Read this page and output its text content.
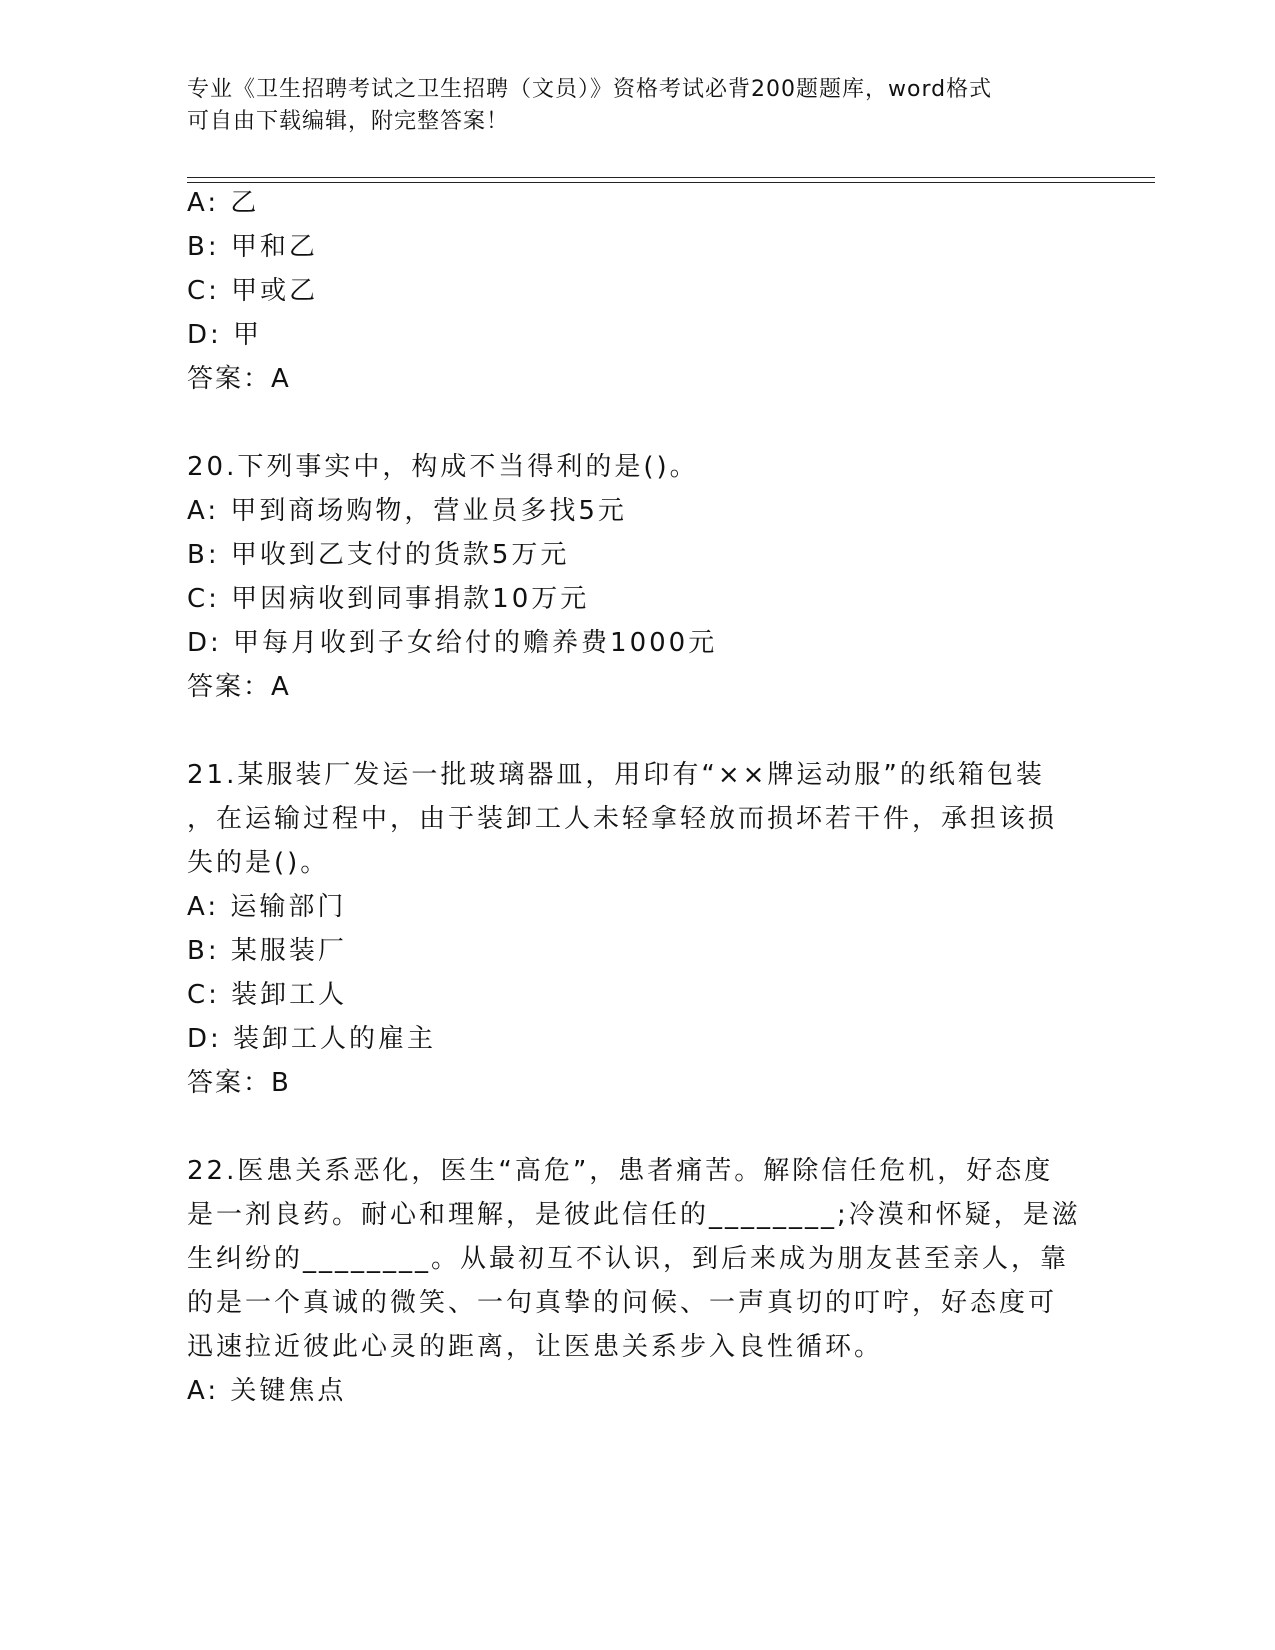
专业《卫生招聘考试之卫生招聘（文员）》资格考试必背200题题库，word格式
可自由下载编辑，附完整答案！
A: 乙
B: 甲和乙
C: 甲或乙
D: 甲
答案：A
20.下列事实中，构成不当得利的是()。
A: 甲到商场购物，营业员多找5元
B: 甲收到乙支付的货款5万元
C: 甲因病收到同事捐款10万元
D: 甲每月收到子女给付的赡养费1000元
答案：A
21.某服装厂发运一批玻璃器皿，用印有“××牌运动服”的纸箱包装
，在运输过程中，由于装卸工人未轻拿轻放而损坏若干件，承担该损
失的是()。
A: 运输部门
B: 某服装厂
C: 装卸工人
D: 装卸工人的雇主
答案：B
22.医患关系恶化，医生“高危”，患者痛苦。解除信任危机，好态度
是一剂良药。耐心和理解，是彼此信任的________;冷漠和怀疑，是滋
生纠纷的________。从最初互不认识，到后来成为朋友甚至亲人，靠
的是一个真诚的微笑、一句真挚的问候、一声真切的叮咛，好态度可
迅速拉近彼此心灵的距离，让医患关系步入良性循环。
A: 关键焦点
